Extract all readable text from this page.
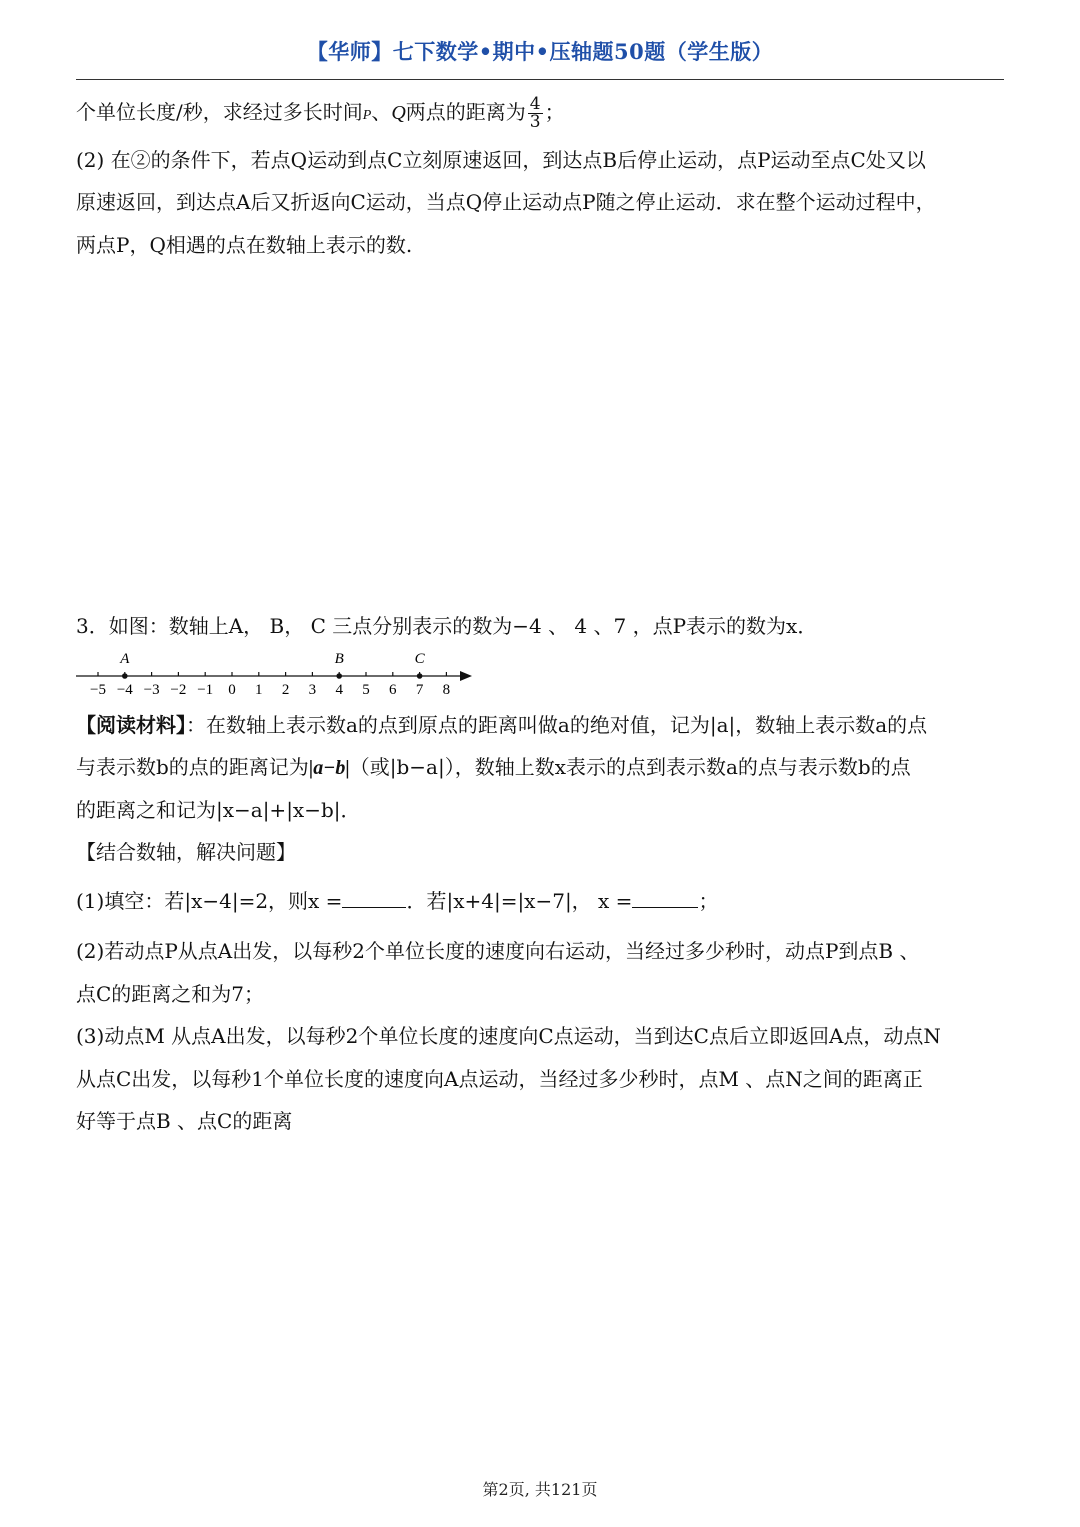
【华师】七下数学•期中•压轴题50题（学生版）
个单位长度/秒，求经过多长时间P、Q两点的距离为 $\frac{4}{3}$ ；
(2) 在②的条件下，若点Q运动到点C立刻原速返回，到达点B后停止运动，点P运动至点C处又以
原速返回，到达点A后又折返向C运动，当点Q停止运动点P随之停止运动．求在整个运动过程中，
两点P，Q相遇的点在数轴上表示的数.
3．如图：数轴上A， B， C 三点分别表示的数为−4 、 4 、7 ，点P表示的数为x．
−5 −4 −3 −2 −1 0 1 2 3 4 5 6 7 8
A	B	C
【阅读材料】：在数轴上表示数a的点到原点的距离叫做a的绝对值，记为|a|，数轴上表示数a的点
与表示数b的点的距离记为|a−b|（或|b−a|），数轴上数x表示的点到表示数a的点与表示数b的点
的距离之和记为|x−a|+|x−b|．
【结合数轴，解决问题】
(1)填空：若|x−4|=2，则x =	．若|x+4|=|x−7|， x =	；
(2)若动点P从点A出发，以每秒2个单位长度的速度向右运动，当经过多少秒时，动点P到点B 、
点C的距离之和为7；
(3)动点M 从点A出发，以每秒2个单位长度的速度向C点运动，当到达C点后立即返回A点，动点N
从点C出发，以每秒1个单位长度的速度向A点运动，当经过多少秒时，点M 、点N之间的距离正
好等于点B 、点C的距离
第2页, 共121页
